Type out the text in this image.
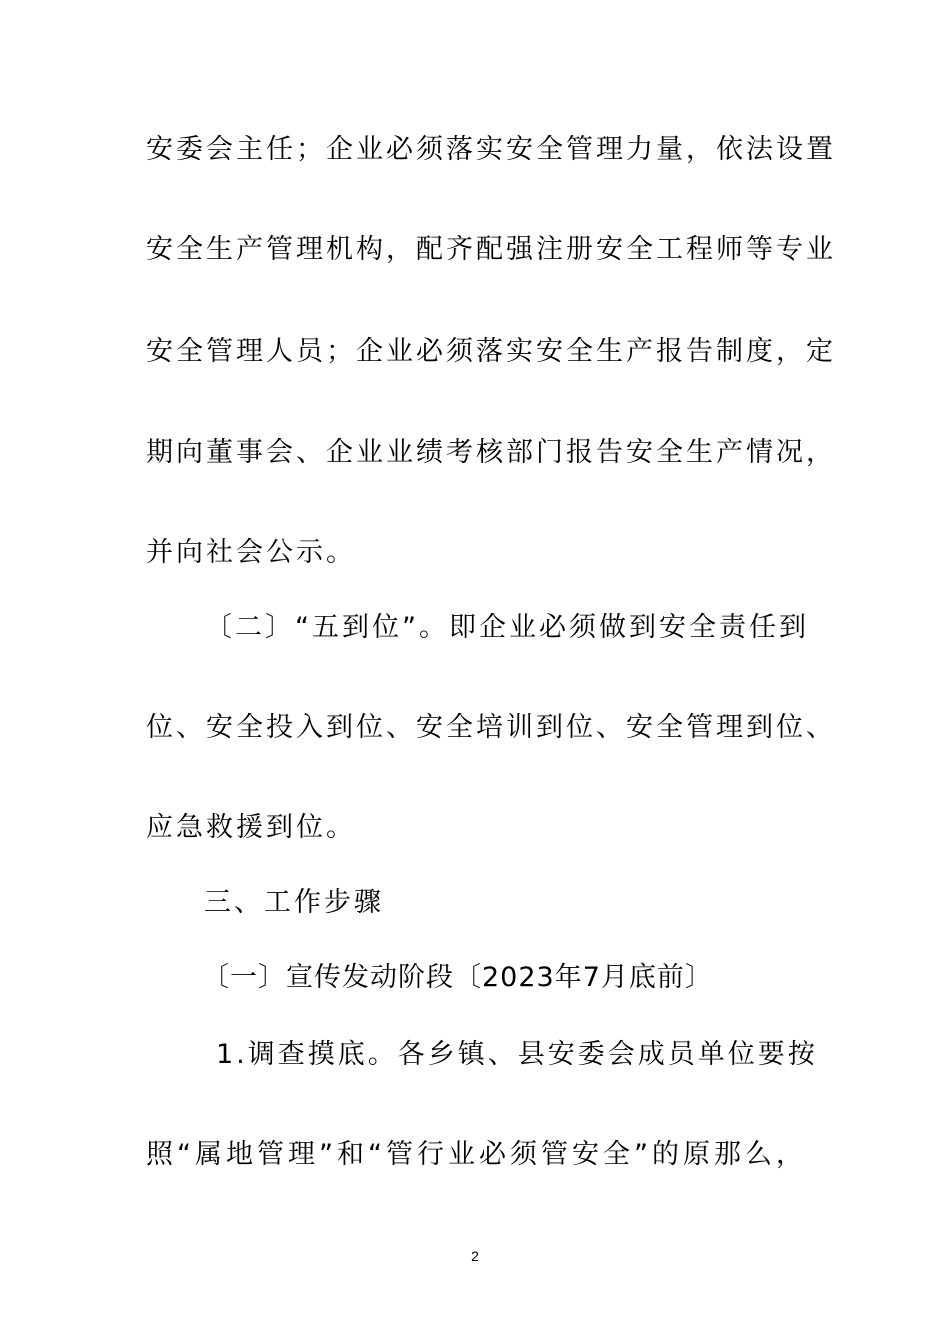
安委会主任；企业必须落实安全管理力量，依法设置
安全生产管理机构，配齐配强注册安全工程师等专业
安全管理人员；企业必须落实安全生产报告制度，定
期向董事会、企业业绩考核部门报告安全生产情况，
并向社会公示。
〔二〕“五到位”。即企业必须做到安全责任到
位、安全投入到位、安全培训到位、安全管理到位、
应急救援到位。
三、工作步骤
〔一〕宣传发动阶段〔2023年7月底前〕
1.调查摸底。各乡镇、县安委会成员单位要按
照“属地管理”和“管行业必须管安全”的原那么，
2
